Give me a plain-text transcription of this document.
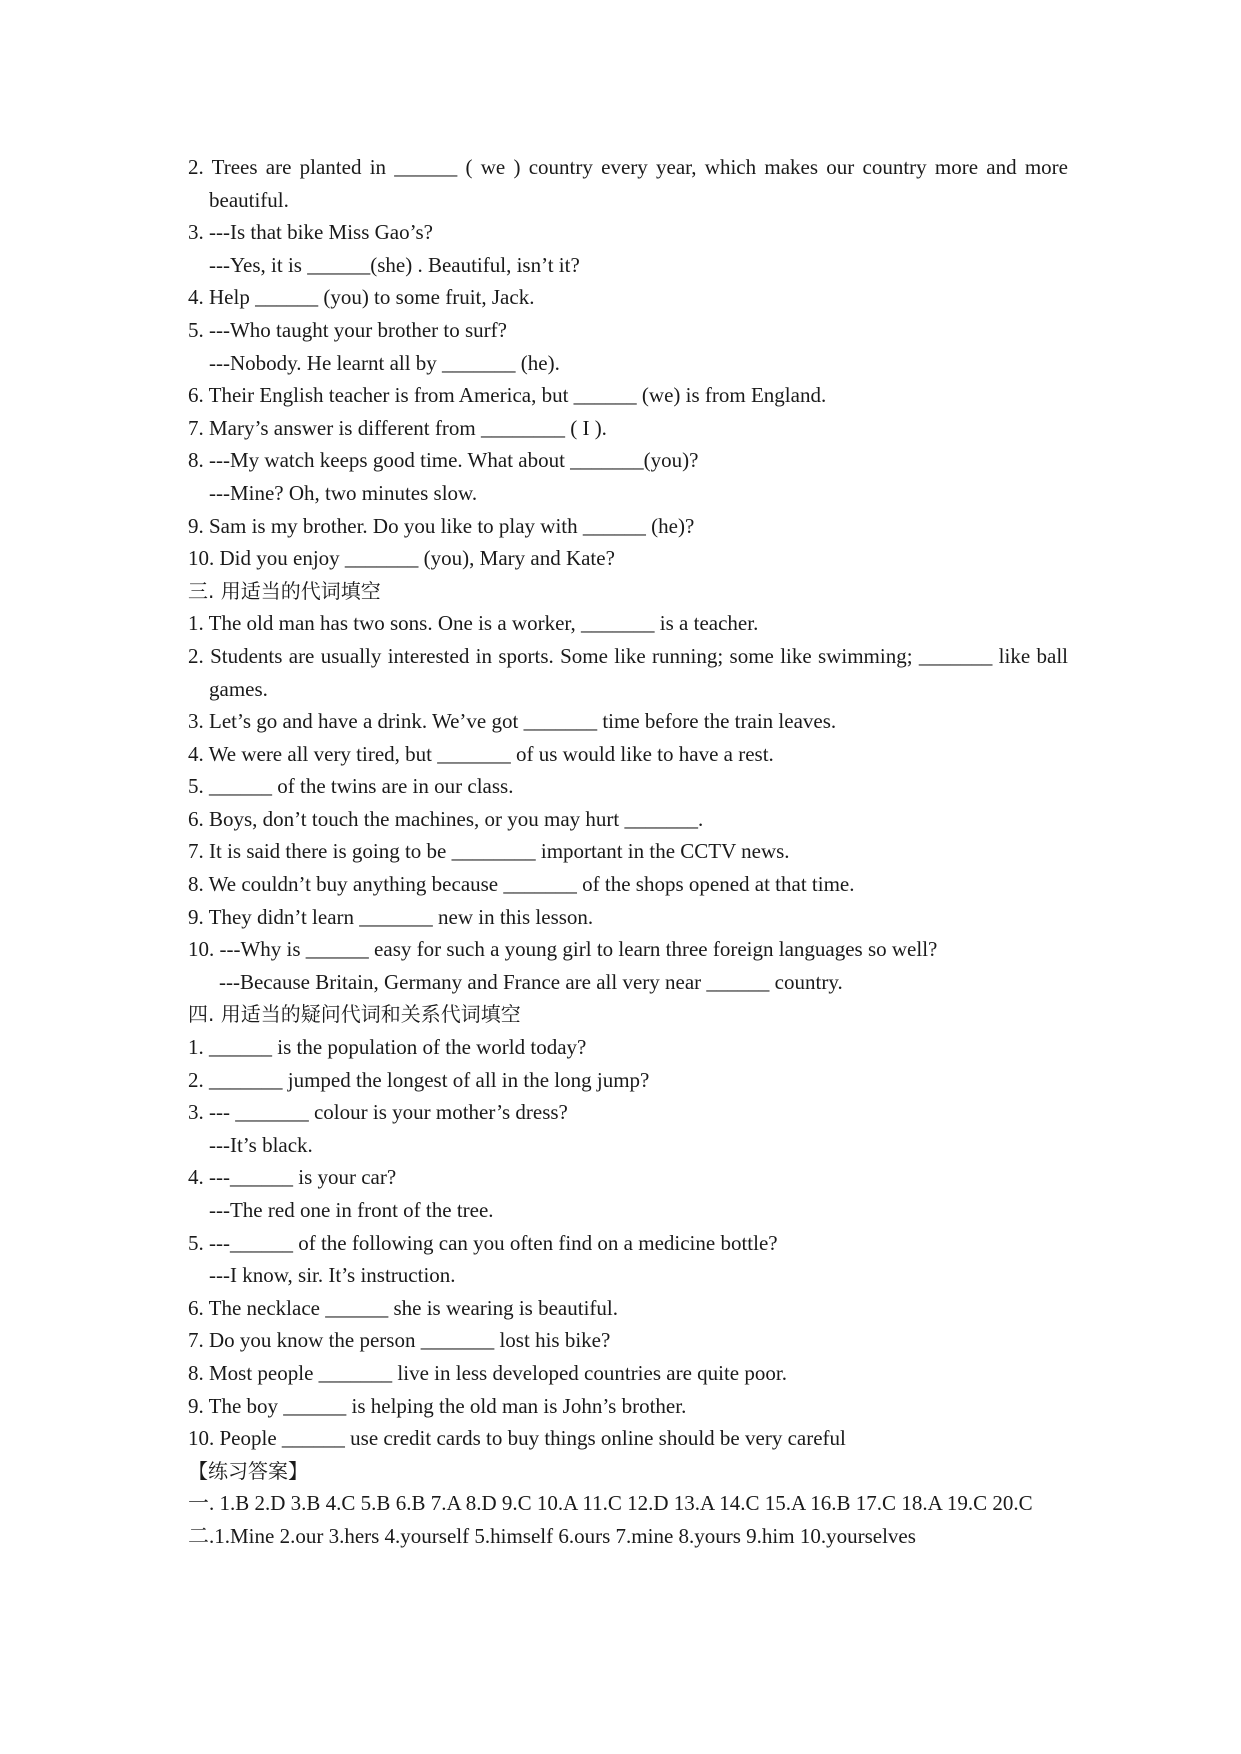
2. Trees are planted in ______ ( we ) country every year, which makes our country more and more beautiful.
3. ---Is that bike Miss Gao’s?
---Yes, it is ______(she) . Beautiful, isn’t it?
4. Help ______ (you) to some fruit, Jack.
5. ---Who taught your brother to surf?
---Nobody. He learnt all by _______ (he).
6. Their English teacher is from America, but ______ (we) is from England.
7. Mary’s answer is different from ________ ( I ).
8. ---My watch keeps good time. What about _______(you)?
---Mine? Oh, two minutes slow.
9. Sam is my brother. Do you like to play with ______ (he)?
10. Did you enjoy _______ (you), Mary and Kate?
三. 用适当的代词填空
1. The old man has two sons. One is a worker, _______ is a teacher.
2. Students are usually interested in sports. Some like running; some like swimming; _______ like ball games.
3. Let’s go and have a drink. We’ve got _______ time before the train leaves.
4. We were all very tired, but _______ of us would like to have a rest.
5. ______ of the twins are in our class.
6. Boys, don’t touch the machines, or you may hurt _______.
7. It is said there is going to be ________ important in the CCTV news.
8. We couldn’t buy anything because _______ of the shops opened at that time.
9. They didn’t learn _______ new in this lesson.
10. ---Why is ______ easy for such a young girl to learn three foreign languages so well?
---Because Britain, Germany and France are all very near ______ country.
四. 用适当的疑问代词和关系代词填空
1. ______ is the population of the world today?
2. _______ jumped the longest of all in the long jump?
3. --- _______ colour is your mother’s dress?
---It’s black.
4. ---______ is your car?
---The red one in front of the tree.
5. ---______ of the following can you often find on a medicine bottle?
---I know, sir. It’s instruction.
6. The necklace ______ she is wearing is beautiful.
7. Do you know the person _______ lost his bike?
8. Most people _______ live in less developed countries are quite poor.
9. The boy ______ is helping the old man is John’s brother.
10. People ______ use credit cards to buy things online should be very careful
【练习答案】
一. 1.B 2.D 3.B 4.C 5.B 6.B 7.A 8.D 9.C 10.A 11.C 12.D 13.A 14.C 15.A 16.B 17.C 18.A 19.C 20.C
二.1.Mine 2.our 3.hers 4.yourself 5.himself 6.ours 7.mine 8.yours 9.him 10.yourselves
